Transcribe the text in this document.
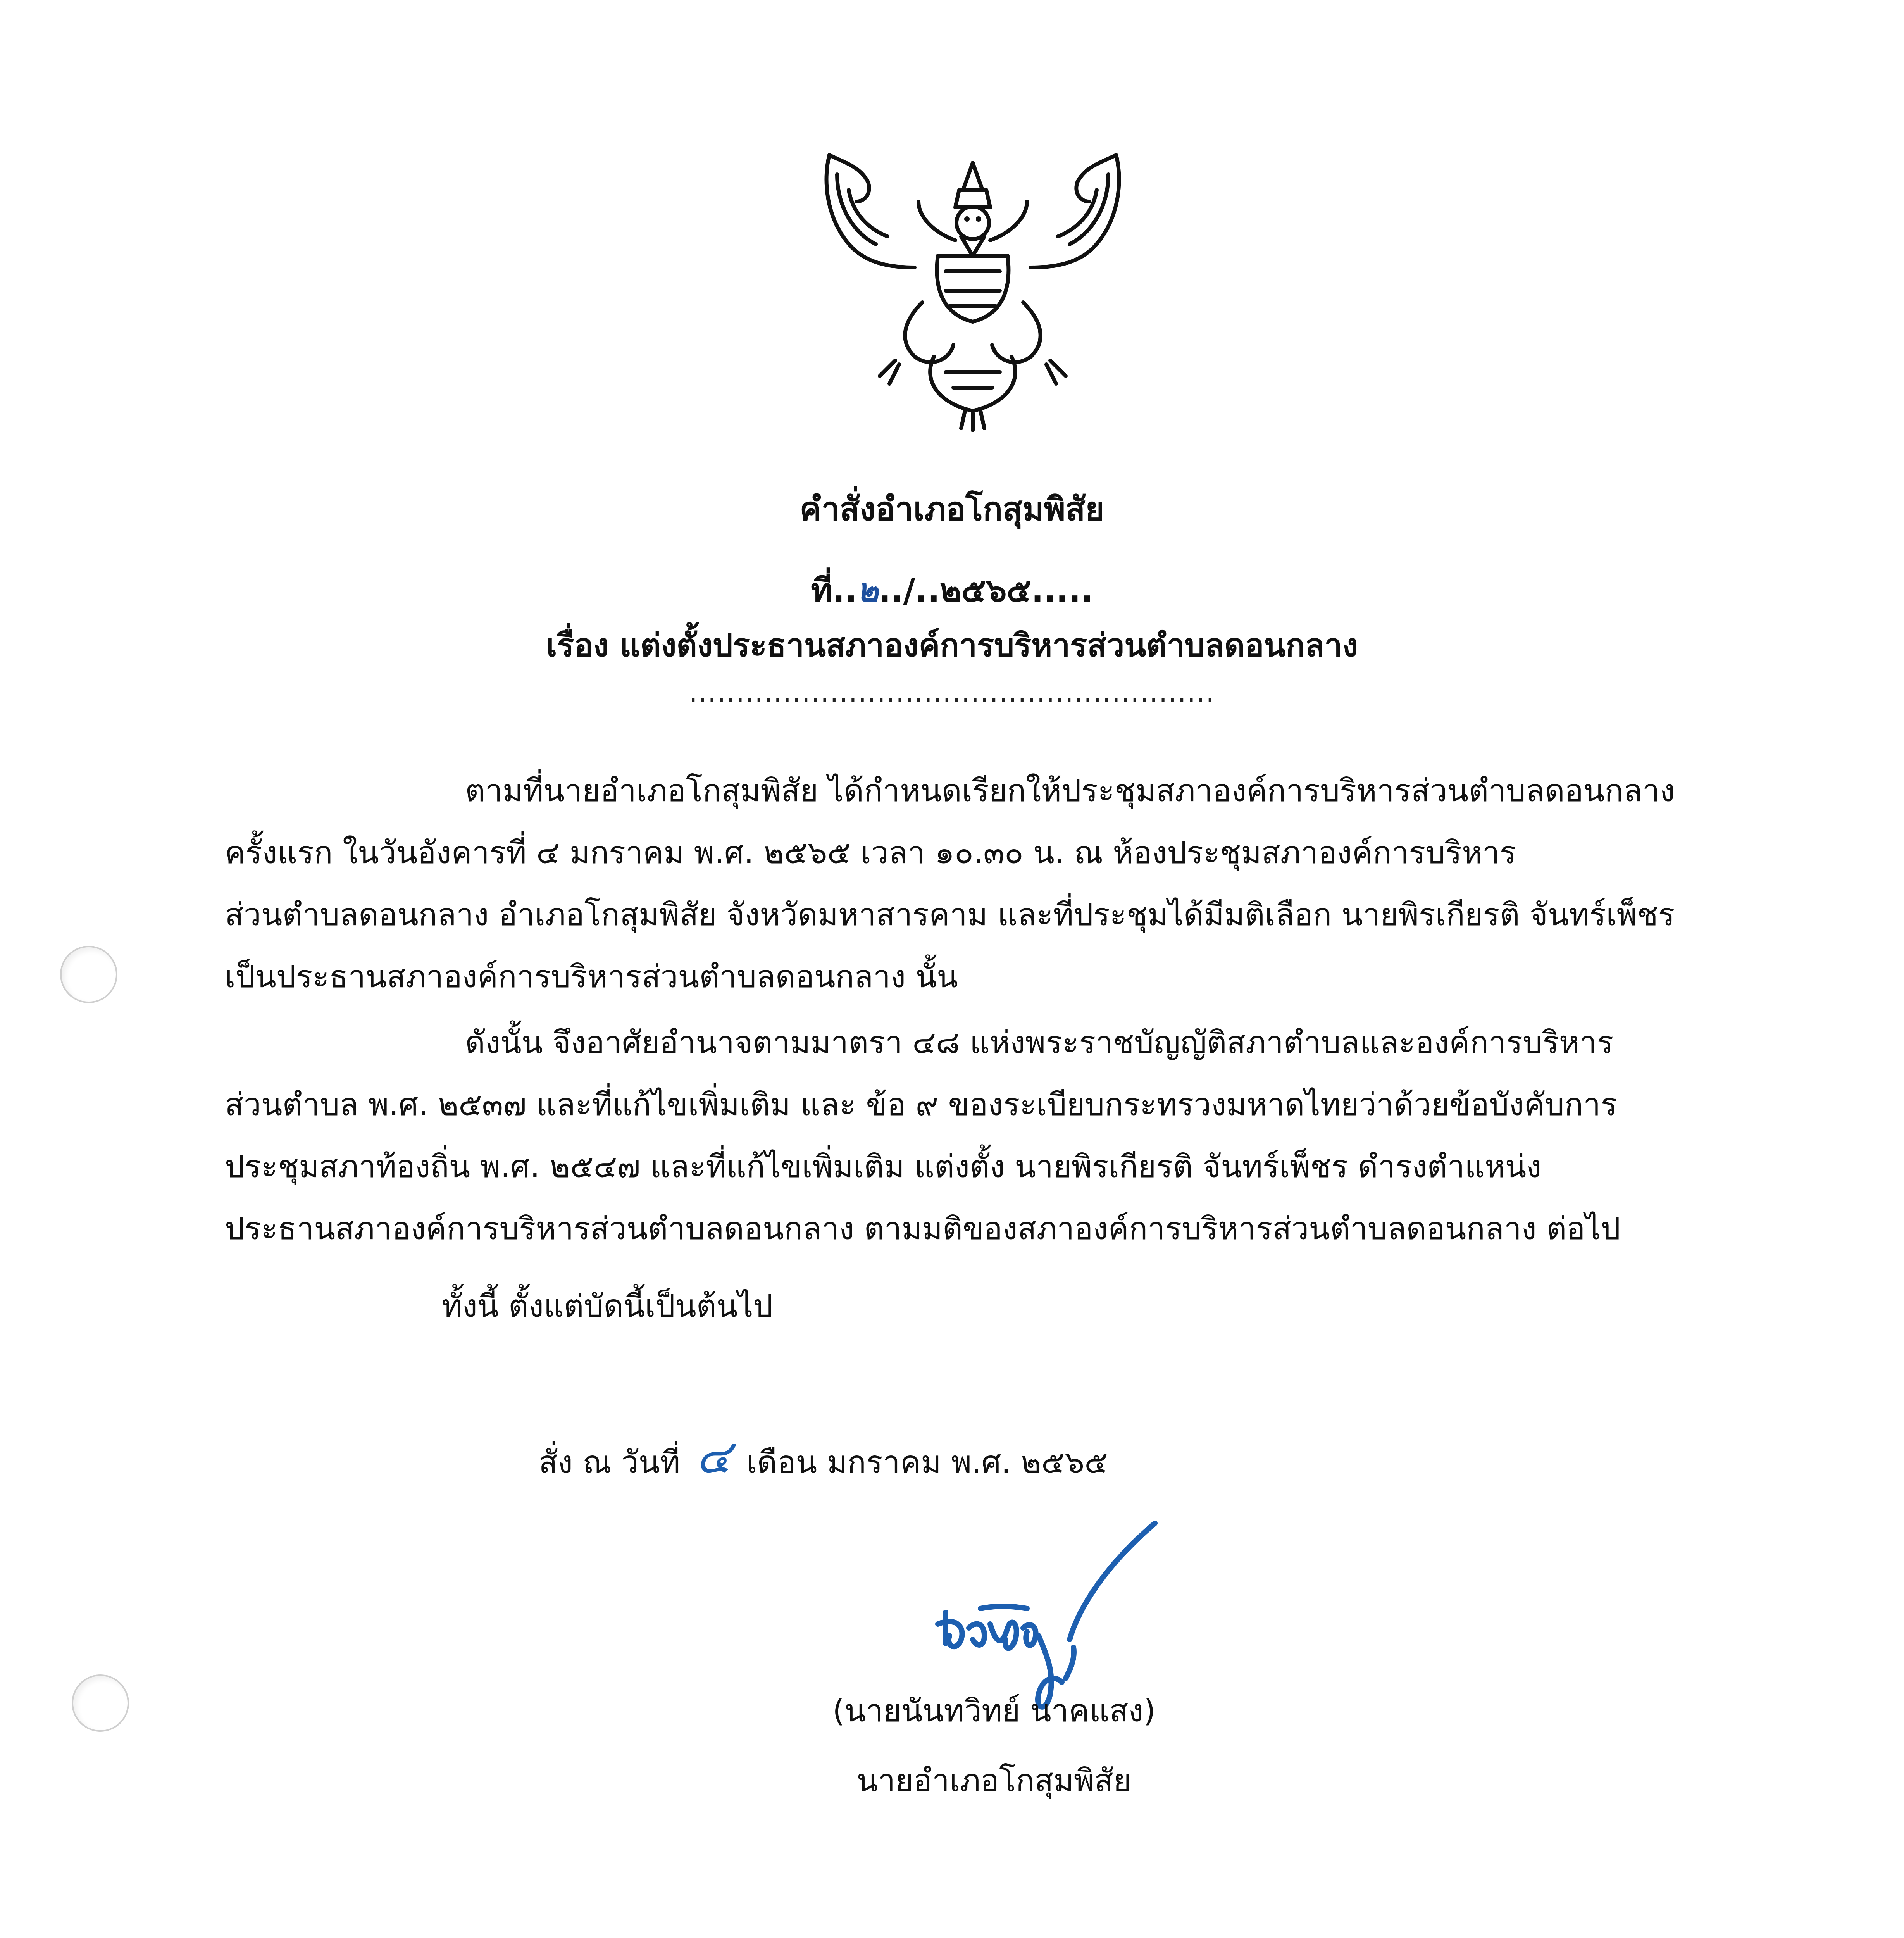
คำสั่งอำเภอโกสุมพิสัย
ที่..๒../..๒๕๖๕.....
เรื่อง แต่งตั้งประธานสภาองค์การบริหารส่วนตำบลดอนกลาง
........................................................
ตามที่นายอำเภอโกสุมพิสัย ได้กำหนดเรียกให้ประชุมสภาองค์การบริหารส่วนตำบลดอนกลาง
ครั้งแรก ในวันอังคารที่ ๔ มกราคม พ.ศ. ๒๕๖๕ เวลา ๑๐.๓๐ น. ณ ห้องประชุมสภาองค์การบริหาร
ส่วนตำบลดอนกลาง อำเภอโกสุมพิสัย จังหวัดมหาสารคาม และที่ประชุมได้มีมติเลือก นายพิรเกียรติ จันทร์เพ็ชร
เป็นประธานสภาองค์การบริหารส่วนตำบลดอนกลาง นั้น
ดังนั้น จึงอาศัยอำนาจตามมาตรา ๔๘ แห่งพระราชบัญญัติสภาตำบลและองค์การบริหาร
ส่วนตำบล พ.ศ. ๒๕๓๗ และที่แก้ไขเพิ่มเติม และ ข้อ ๙ ของระเบียบกระทรวงมหาดไทยว่าด้วยข้อบังคับการ
ประชุมสภาท้องถิ่น พ.ศ. ๒๕๔๗ และที่แก้ไขเพิ่มเติม แต่งตั้ง นายพิรเกียรติ จันทร์เพ็ชร ดำรงตำแหน่ง
ประธานสภาองค์การบริหารส่วนตำบลดอนกลาง ตามมติของสภาองค์การบริหารส่วนตำบลดอนกลาง ต่อไป
ทั้งนี้ ตั้งแต่บัดนี้เป็นต้นไป
สั่ง ณ วันที่ ๔ เดือน มกราคม พ.ศ. ๒๕๖๕
(นายนันทวิทย์ นาคแสง)
นายอำเภอโกสุมพิสัย
